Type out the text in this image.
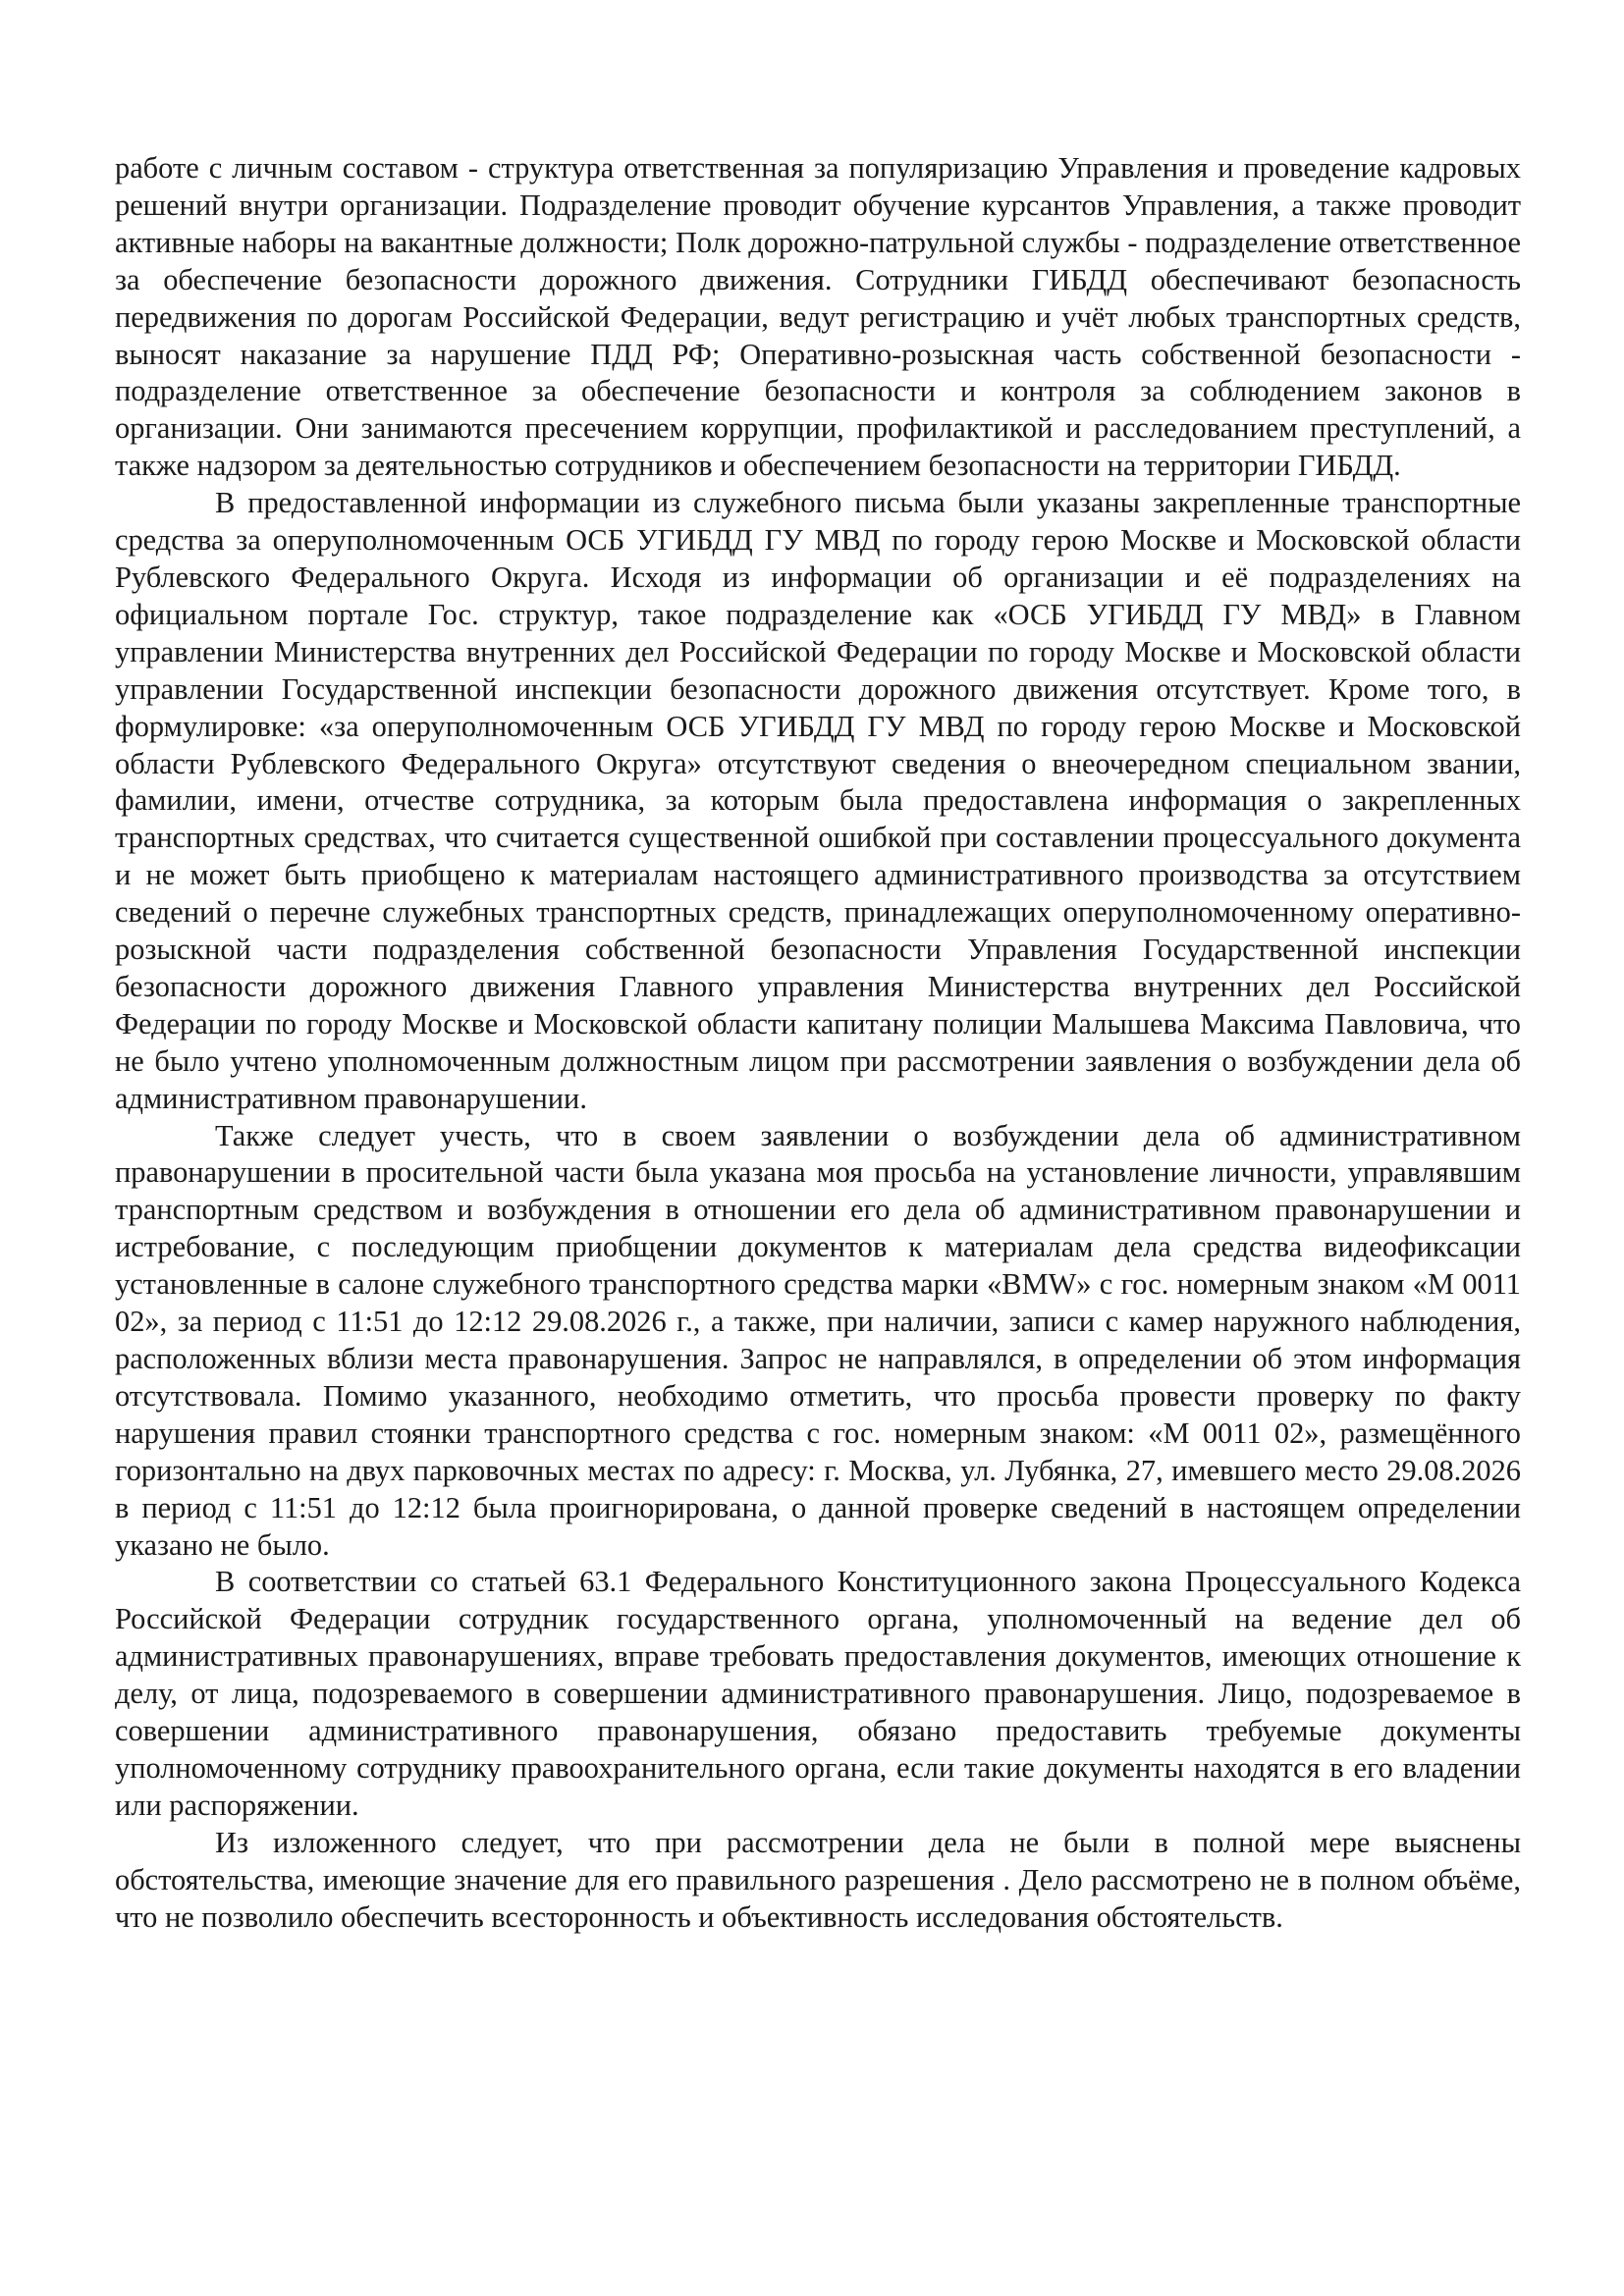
работе с личным составом - структура ответственная за популяризацию Управления и проведение кадровых решений внутри организации. Подразделение проводит обучение курсантов Управления, а также проводит активные наборы на вакантные должности; Полк дорожно-патрульной службы - подразделение ответственное за обеспечение безопасности дорожного движения. Сотрудники ГИБДД обеспечивают безопасность передвижения по дорогам Российской Федерации, ведут регистрацию и учёт любых транспортных средств, выносят наказание за нарушение ПДД РФ; Оперативно-розыскная часть собственной безопасности - подразделение ответственное за обеспечение безопасности и контроля за соблюдением законов в организации. Они занимаются пресечением коррупции, профилактикой и расследованием преступлений, а также надзором за деятельностью сотрудников и обеспечением безопасности на территории ГИБДД.

В предоставленной информации из служебного письма были указаны закрепленные транспортные средства за оперуполномоченным ОСБ УГИБДД ГУ МВД по городу герою Москве и Московской области Рублевского Федерального Округа. Исходя из информации об организации и её подразделениях на официальном портале Гос. структур, такое подразделение как «ОСБ УГИБДД ГУ МВД» в Главном управлении Министерства внутренних дел Российской Федерации по городу Москве и Московской области управлении Государственной инспекции безопасности дорожного движения отсутствует. Кроме того, в формулировке: «за оперуполномоченным ОСБ УГИБДД ГУ МВД по городу герою Москве и Московской области Рублевского Федерального Округа» отсутствуют сведения о внеочередном специальном звании, фамилии, имени, отчестве сотрудника, за которым была предоставлена информация о закрепленных транспортных средствах, что считается существенной ошибкой при составлении процессуального документа и не может быть приобщено к материалам настоящего административного производства за отсутствием сведений о перечне служебных транспортных средств, принадлежащих оперуполномоченному оперативно-розыскной части подразделения собственной безопасности Управления Государственной инспекции безопасности дорожного движения Главного управления Министерства внутренних дел Российской Федерации по городу Москве и Московской области капитану полиции Малышева Максима Павловича, что не было учтено уполномоченным должностным лицом при рассмотрении заявления о возбуждении дела об административном правонарушении.

Также следует учесть, что в своем заявлении о возбуждении дела об административном правонарушении в просительной части была указана моя просьба на установление личности, управлявшим транспортным средством и возбуждения в отношении его дела об административном правонарушении и истребование, с последующим приобщении документов к материалам дела средства видеофиксации установленные в салоне служебного транспортного средства марки «BMW» с гос. номерным знаком «М 0011 02», за период с 11:51 до 12:12 29.08.2026 г., а также, при наличии, записи с камер наружного наблюдения, расположенных вблизи места правонарушения. Запрос не направлялся, в определении об этом информация отсутствовала. Помимо указанного, необходимо отметить, что просьба провести проверку по факту нарушения правил стоянки транспортного средства с гос. номерным знаком: «М 0011 02», размещённого горизонтально на двух парковочных местах по адресу: г. Москва, ул. Лубянка, 27, имевшего место 29.08.2026 в период с 11:51 до 12:12 была проигнорирована, о данной проверке сведений в настоящем определении указано не было.

В соответствии со статьей 63.1 Федерального Конституционного закона Процессуального Кодекса Российской Федерации сотрудник государственного органа, уполномоченный на ведение дел об административных правонарушениях, вправе требовать предоставления документов, имеющих отношение к делу, от лица, подозреваемого в совершении административного правонарушения. Лицо, подозреваемое в совершении административного правонарушения, обязано предоставить требуемые документы уполномоченному сотруднику правоохранительного органа, если такие документы находятся в его владении или распоряжении.

Из изложенного следует, что при рассмотрении дела не были в полной мере выяснены обстоятельства, имеющие значение для его правильного разрешения . Дело рассмотрено не в полном объёме, что не позволило обеспечить всесторонность и объективность исследования обстоятельств.
